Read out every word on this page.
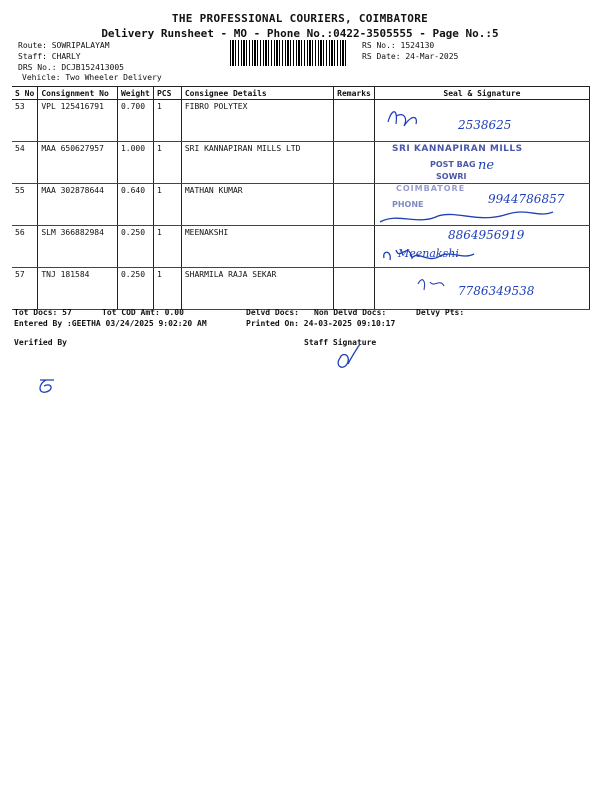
THE PROFESSIONAL COURIERS, COIMBATORE
Delivery Runsheet - MO - Phone No.:0422-3505555 - Page No.:5
Route: SOWRIPALAYAM
Staff: CHARLY
DRS No.: DCJB152413005
Vehicle: Two Wheeler Delivery
RS No.: 1524130
RS Date: 24-Mar-2025
S No	Consignment No	Weight	PCS	Consignee Details	Remarks	Seal & Signature
53	VPL 125416791	0.700	1	FIBRO POLYTEX		
54	MAA 650627957	1.000	1	SRI KANNAPIRAN MILLS LTD		
55	MAA 302878644	0.640	1	MATHAN KUMAR		
56	SLM 366882984	0.250	1	MEENAKSHI		
57	TNJ 181584	0.250	1	SHARMILA RAJA SEKAR		
2538625
SRI KANNAPIRAN MILLS
POST BAG
SOWRI
ne
COIMBATORE
PHONE	9944786857
8864956919
Meenakshi
7786349538
Tot Docs: 57	Tot COD Amt: 0.00	Delvd Docs: Non Delvd Docs:	Delvy Pts:
Entered By :GEETHA 03/24/2025 9:02:20 AM	Printed On: 24-03-2025 09:10:17
Verified By	Staff Signature
